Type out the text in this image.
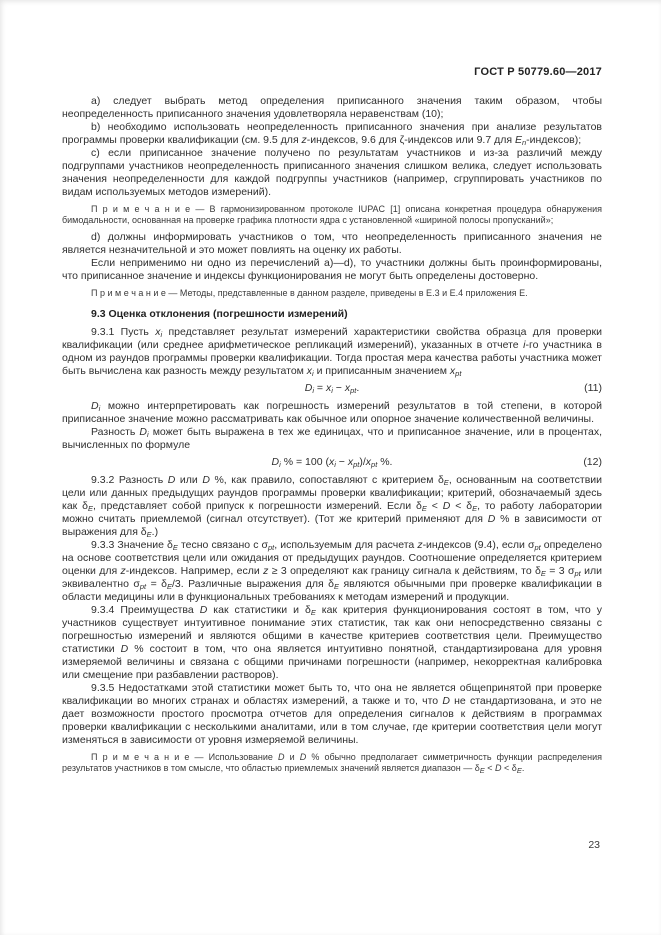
ГОСТ Р 50779.60—2017
a) следует выбрать метод определения приписанного значения таким образом, чтобы неопределенность приписанного значения удовлетворяла неравенствам (10);
b) необходимо использовать неопределенность приписанного значения при анализе результатов программы проверки квалификации (см. 9.5 для z-индексов, 9.6 для ζ-индексов или 9.7 для $E_n-индексов$);
c) если приписанное значение получено по результатам участников и из-за различий между подгруппами участников неопределенность приписанного значения слишком велика, следует использовать значения неопределенности для каждой подгруппы участников (например, сгруппировать участников по видам используемых методов измерений).
П р и м е ч а н и е — В гармонизированном протоколе IUPAC [1] описана конкретная процедура обнаружения бимодальности, основанная на проверке графика плотности ядра с установленной «шириной полосы пропусканий»;
d) должны информировать участников о том, что неопределенность приписанного значения не является незначительной и это может повлиять на оценку их работы.
Если неприменимо ни одно из перечислений a)—d), то участники должны быть проинформированы, что приписанное значение и индексы функционирования не могут быть определены достоверно.
П р и м е ч а н и е — Методы, представленные в данном разделе, приведены в Е.3 и Е.4 приложения Е.
9.3 Оценка отклонения (погрешности измерений)
9.3.1 Пусть $x_i$ представляет результат измерений характеристики свойства образца для проверки квалификации (или среднее арифметическое репликаций измерений), указанных в отчете i-го участника в одном из раундов программы проверки квалификации. Тогда простая мера качества работы участника может быть вычислена как разность между результатом $x_i$ и приписанным значением $x_{pt}$
$D_i = x_i - x_{pt}$.	(11)
$D_i$ можно интерпретировать как погрешность измерений результатов в той степени, в которой приписанное значение можно рассматривать как обычное или опорное значение количественной величины.
Разность $D_i$ может быть выражена в тех же единицах, что и приписанное значение, или в процентах, вычисленных по формуле
$D_i$ % = 100 $(x_i - x_{pt})/x_{pt}$ %.	(12)
9.3.2 Разность D или D %, как правило, сопоставляют с критерием $\delta_E$, основанным на соответствии цели или данных предыдущих раундов программы проверки квалификации; критерий, обозначаемый здесь как $\delta_E$, представляет собой припуск к погрешности измерений. Если $\delta_E < D < \delta_E$, то работу лаборатории можно считать приемлемой (сигнал отсутствует). (Тот же критерий применяют для D % в зависимости от выражения для $\delta_E$.)
9.3.3 Значение $\delta_E$ тесно связано с $\sigma_{pt}$, используемым для расчета z-индексов (9.4), если $\sigma_{pt}$ определено на основе соответствия цели или ожидания от предыдущих раундов. Соотношение определяется критерием оценки для z-индексов. Например, если z ≥ 3 определяют как границу сигнала к действиям, то $\delta_E = 3$ $\sigma_{pt}$ или эквивалентно $\sigma_{pt} = \delta_E/3$. Различные выражения для $\delta_E$ являются обычными при проверке квалификации в области медицины или в функциональных требованиях к методам измерений и продукции.
9.3.4 Преимущества D как статистики и $\delta_E$ как критерия функционирования состоят в том, что у участников существует интуитивное понимание этих статистик, так как они непосредственно связаны с погрешностью измерений и являются общими в качестве критериев соответствия цели. Преимущество статистики D % состоит в том, что она является интуитивно понятной, стандартизирована для уровня измеряемой величины и связана с общими причинами погрешности (например, некорректная калибровка или смещение при разбавлении растворов).
9.3.5 Недостатками этой статистики может быть то, что она не является общепринятой при проверке квалификации во многих странах и областях измерений, а также и то, что D не стандартизована, и это не дает возможности простого просмотра отчетов для определения сигналов к действиям в программах проверки квалификации с несколькими аналитами, или в том случае, где критерии соответствия цели могут изменяться в зависимости от уровня измеряемой величины.
П р и м е ч а н и е — Использование D и D % обычно предполагает симметричность функции распределения результатов участников в том смысле, что областью приемлемых значений является диапазон — $\delta_E < D < \delta_E$.
23
